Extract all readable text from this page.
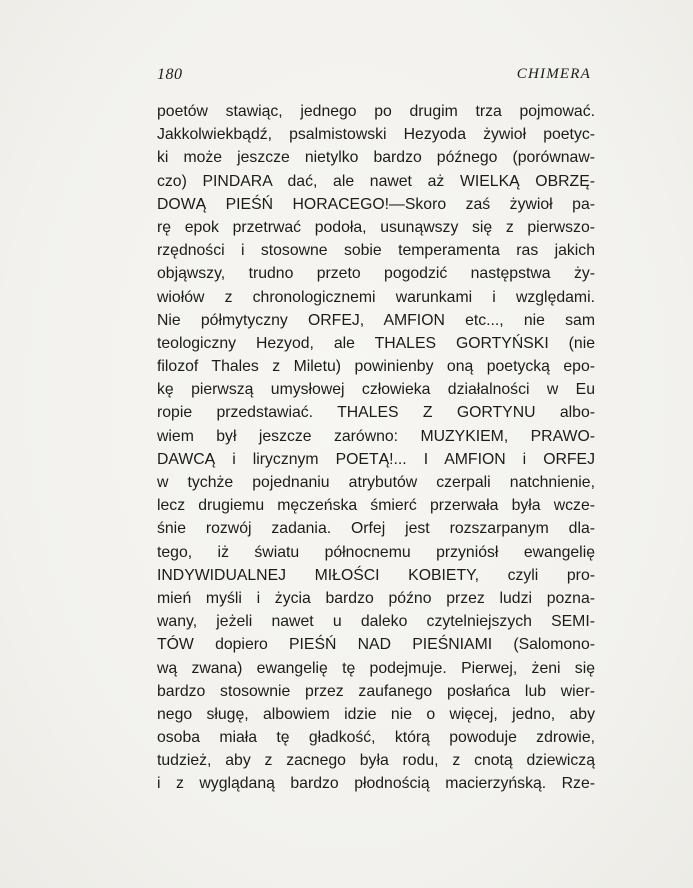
180	CHIMERA
poetów stawiąc, jednego po drugim trza pojmować.
Jakkolwiekbądź, psalmistowski Hezyoda żywioł poetyc-
ki może jeszcze nietylko bardzo późnego (porównaw-
czo) PINDARA dać, ale nawet aż WIELKĄ OBRZĘ-
DOWĄ PIEŚŃ HORACEGO!—Skoro zaś żywioł pa-
rę epok przetrwać podoła, usunąwszy się z pierwszo-
rzędności i stosowne sobie temperamenta ras jakich
objąwszy, trudno przeto pogodzić następstwa ży-
wiołów z chronologicznemi warunkami i względami.
Nie półmytyczny ORFEJ, AMFION etc..., nie sam
teologiczny Hezyod, ale THALES GORTYŃSKI (nie
filozof Thales z Miletu) powinienby oną poetycką epo-
kę pierwszą umysłowej człowieka działalności w Eu
ropie przedstawiać. THALES Z GORTYNU albo-
wiem był jeszcze zarówno: MUZYKIEM, PRAWO-
DAWCĄ i lirycznym POETĄ!... I AMFION i ORFEJ
w tychże pojednaniu atrybutów czerpali natchnienie,
lecz drugiemu męczeńska śmierć przerwała była wcze-
śnie rozwój zadania. Orfej jest rozszarpanym dla-
tego, iż światu północnemu przyniósł ewangelię
INDYWIDUALNEJ MIŁOŚCI KOBIETY, czyli pro-
mień myśli i życia bardzo późno przez ludzi pozna-
wany, jeżeli nawet u daleko czytelniejszych SEMI-
TÓW dopiero PIEŚŃ NAD PIEŚNIAMI (Salomono-
wą zwana) ewangelię tę podejmuje. Pierwej, żeni się
bardzo stosownie przez zaufanego posłańca lub wier-
nego sługę, albowiem idzie nie o więcej, jedno, aby
osoba miała tę gładkość, którą powoduje zdrowie,
tudzież, aby z zacnego była rodu, z cnotą dziewiczą
i z wyglądaną bardzo płodnością macierzyńską. Rze-
